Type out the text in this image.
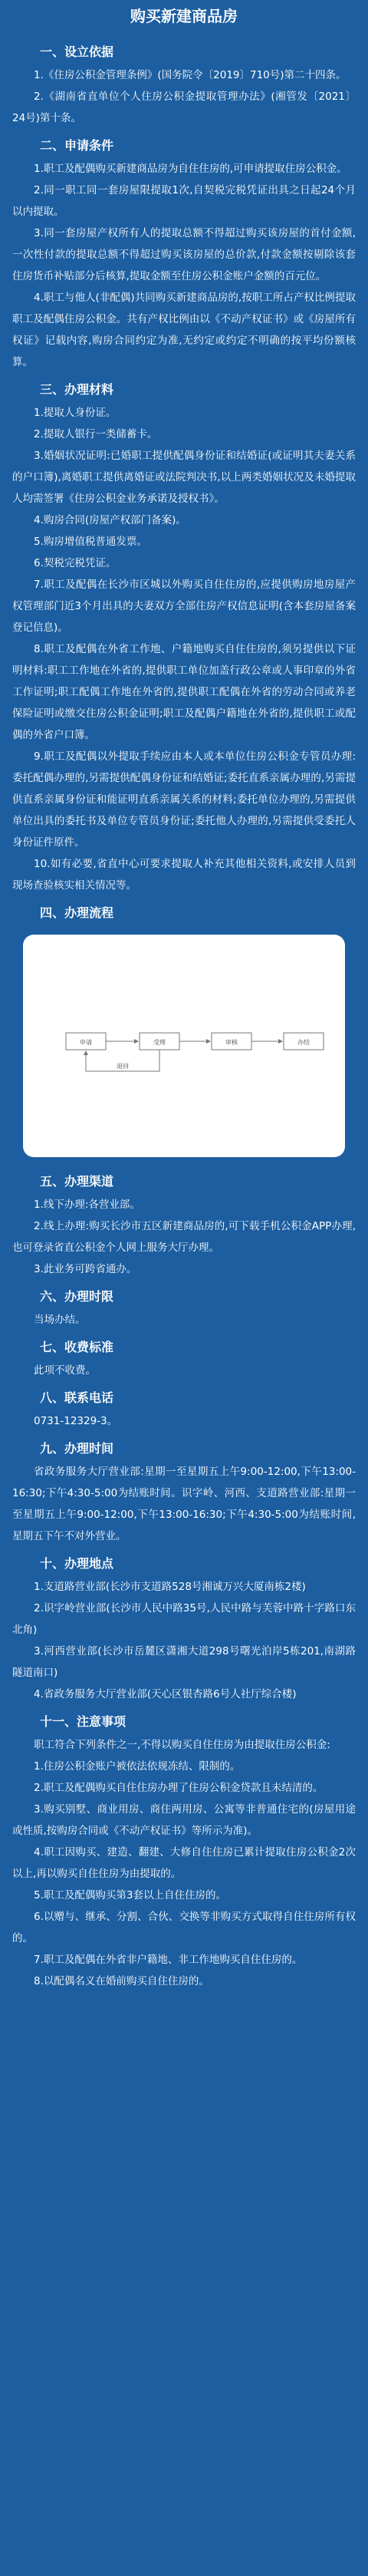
购买新建商品房
一、设立依据

1.《住房公积金管理条例》(国务院令〔2019〕710号)第二十四条。

2.《湖南省直单位个人住房公积金提取管理办法》(湘管发〔2021〕24号)第十条。

二、申请条件

1.职工及配偶购买新建商品房为自住住房的,可申请提取住房公积金。

2.同一职工同一套房屋限提取1次,自契税完税凭证出具之日起24个月以内提取。

3.同一套房屋产权所有人的提取总额不得超过购买该房屋的首付金额,一次性付款的提取总额不得超过购买该房屋的总价款,付款金额按剔除该套住房货币补贴部分后核算,提取金额至住房公积金账户金额的百元位。

4.职工与他人(非配偶)共同购买新建商品房的,按职工所占产权比例提取职工及配偶住房公积金。共有产权比例由以《不动产权证书》或《房屋所有权证》记载内容,购房合同约定为准,无约定或约定不明确的按平均份额核算。

三、办理材料

1.提取人身份证。

2.提取人银行一类储蓄卡。

3.婚姻状况证明:已婚职工提供配偶身份证和结婚证(或证明其夫妻关系的户口簿),离婚职工提供离婚证或法院判决书,以上两类婚姻状况及未婚提取人均需签署《住房公积金业务承诺及授权书》。

4.购房合同(房屋产权部门备案)。

5.购房增值税普通发票。

6.契税完税凭证。

7.职工及配偶在长沙市区城以外购买自住住房的,应提供购房地房屋产权管理部门近3个月出具的夫妻双方全部住房产权信息证明(含本套房屋备案登记信息)。

8.职工及配偶在外省工作地、户籍地购买自住住房的,须另提供以下证明材料:职工工作地在外省的,提供职工单位加盖行政公章或人事印章的外省工作证明;职工配偶工作地在外省的,提供职工配偶在外省的劳动合同或养老保险证明或缴交住房公积金证明;职工及配偶户籍地在外省的,提供职工或配偶的外省户口簿。

9.职工及配偶以外提取手续应由本人或本单位住房公积金专管员办理:委托配偶办理的,另需提供配偶身份证和结婚证;委托直系亲属办理的,另需提供直系亲属身份证和能证明直系亲属关系的材料;委托单位办理的,另需提供单位出具的委托书及单位专管员身份证;委托他人办理的,另需提供受委托人身份证件原件。

10.如有必要,省直中心可要求提取人补充其他相关资料,或安排人员到现场查验核实相关情况等。

四、办理流程
申请	受理	审核	办结
退回
五、办理渠道

1.线下办理:各营业部。

2.线上办理:购买长沙市五区新建商品房的,可下载手机公积金APP办理,也可登录省直公积金个人网上服务大厅办理。

3.此业务可跨省通办。

六、办理时限

当场办结。

七、收费标准

此项不收费。

八、联系电话

0731-12329-3。

九、办理时间

省政务服务大厅营业部:星期一至星期五上午9:00-12:00,下午13:00-16:30;下午4:30-5:00为结账时间。识字岭、河西、支道路营业部:星期一至星期五上午9:00-12:00,下午13:00-16:30;下午4:30-5:00为结账时间,星期五下午不对外营业。

十、办理地点

1.支道路营业部(长沙市支道路528号湘诚万兴大厦南栋2楼)

2.识字岭营业部(长沙市人民中路35号,人民中路与芙蓉中路十字路口东北角)

3.河西营业部(长沙市岳麓区潇湘大道298号曙光泊岸5栋201,南湖路隧道南口)

4.省政务服务大厅营业部(天心区银杏路6号人社厅综合楼)

十一、注意事项

职工符合下列条件之一,不得以购买自住住房为由提取住房公积金:

1.住房公积金账户被依法依规冻结、限制的。

2.职工及配偶购买自住住房办理了住房公积金贷款且未结清的。

3.购买别墅、商业用房、商住两用房、公寓等非普通住宅的(房屋用途或性质,按购房合同或《不动产权证书》等所示为准)。

4.职工因购买、建造、翻建、大修自住住房已累计提取住房公积金2次以上,再以购买自住住房为由提取的。

5.职工及配偶购买第3套以上自住住房的。

6.以赠与、继承、分割、合伙、交换等非购买方式取得自住住房所有权的。

7.职工及配偶在外省非户籍地、非工作地购买自住住房的。

8.以配偶名义在婚前购买自住住房的。
